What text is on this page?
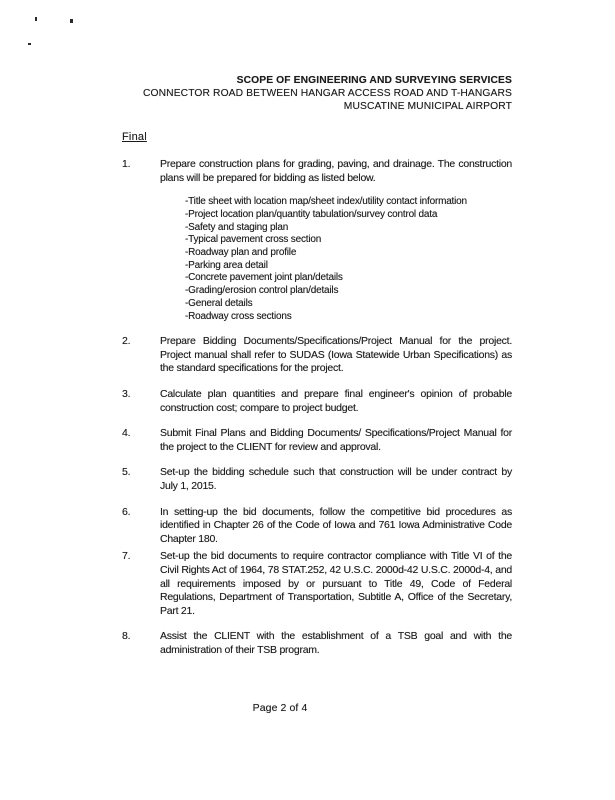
SCOPE OF ENGINEERING AND SURVEYING SERVICES
CONNECTOR ROAD BETWEEN HANGAR ACCESS ROAD AND T-HANGARS
MUSCATINE MUNICIPAL AIRPORT
Final
1.	Prepare construction plans for grading, paving, and drainage. The construction plans will be prepared for bidding as listed below.
-Title sheet with location map/sheet index/utility contact information
-Project location plan/quantity tabulation/survey control data
-Safety and staging plan
-Typical pavement cross section
-Roadway plan and profile
-Parking area detail
-Concrete pavement joint plan/details
-Grading/erosion control plan/details
-General details
-Roadway cross sections
2.	Prepare Bidding Documents/Specifications/Project Manual for the project. Project manual shall refer to SUDAS (Iowa Statewide Urban Specifications) as the standard specifications for the project.
3.	Calculate plan quantities and prepare final engineer's opinion of probable construction cost; compare to project budget.
4.	Submit Final Plans and Bidding Documents/ Specifications/Project Manual for the project to the CLIENT for review and approval.
5.	Set-up the bidding schedule such that construction will be under contract by July 1, 2015.
6.	In setting-up the bid documents, follow the competitive bid procedures as identified in Chapter 26 of the Code of Iowa and 761 Iowa Administrative Code Chapter 180.
7.	Set-up the bid documents to require contractor compliance with Title VI of the Civil Rights Act of 1964, 78 STAT.252, 42 U.S.C. 2000d-42 U.S.C. 2000d-4, and all requirements imposed by or pursuant to Title 49, Code of Federal Regulations, Department of Transportation, Subtitle A, Office of the Secretary, Part 21.
8.	Assist the CLIENT with the establishment of a TSB goal and with the administration of their TSB program.
Page 2 of 4
